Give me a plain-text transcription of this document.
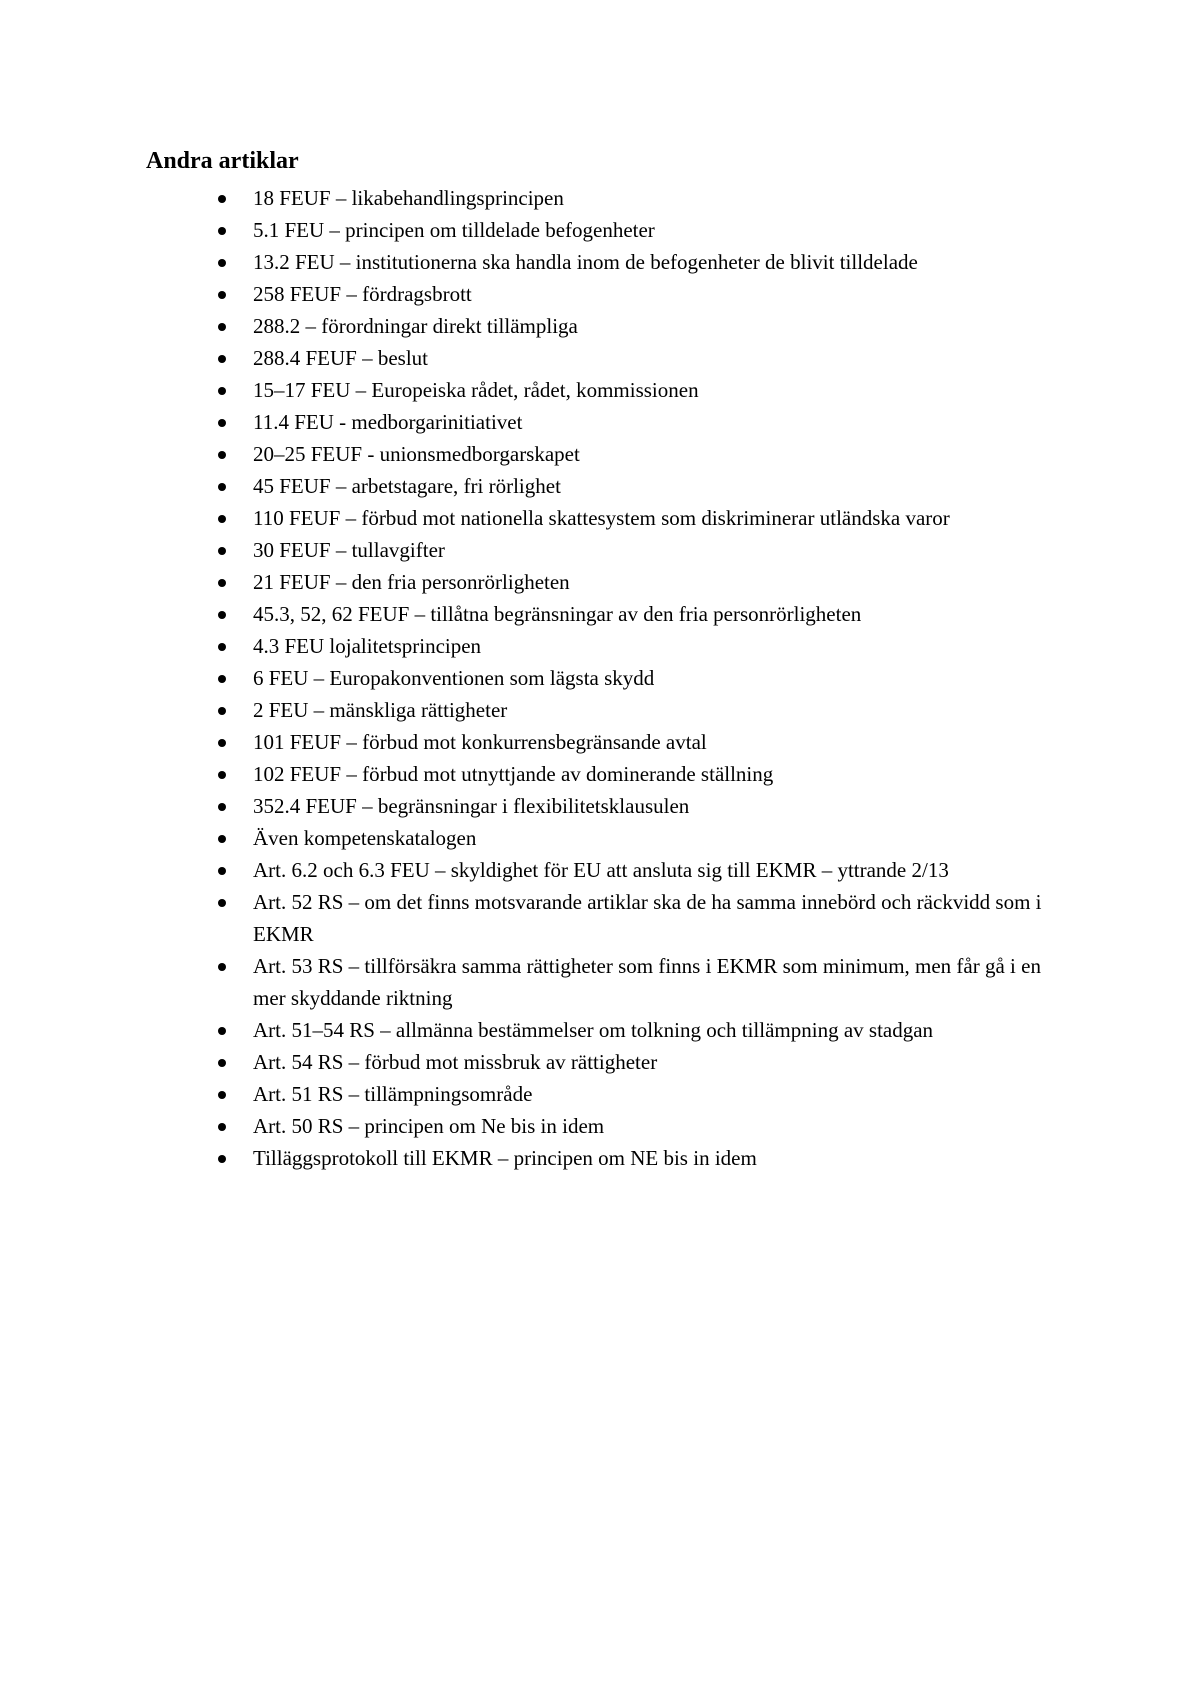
Andra artiklar
18 FEUF – likabehandlingsprincipen
5.1 FEU – principen om tilldelade befogenheter
13.2 FEU – institutionerna ska handla inom de befogenheter de blivit tilldelade
258 FEUF – fördragsbrott
288.2 – förordningar direkt tillämpliga
288.4 FEUF – beslut
15–17 FEU – Europeiska rådet, rådet, kommissionen
11.4 FEU - medborgarinitiativet
20–25 FEUF - unionsmedborgarskapet
45 FEUF – arbetstagare, fri rörlighet
110 FEUF – förbud mot nationella skattesystem som diskriminerar utländska varor
30 FEUF – tullavgifter
21 FEUF – den fria personrörligheten
45.3, 52, 62 FEUF – tillåtna begränsningar av den fria personrörligheten
4.3 FEU lojalitetsprincipen
6 FEU – Europakonventionen som lägsta skydd
2 FEU – mänskliga rättigheter
101 FEUF – förbud mot konkurrensbegränsande avtal
102 FEUF – förbud mot utnyttjande av dominerande ställning
352.4 FEUF – begränsningar i flexibilitetsklausulen
Även kompetenskatalogen
Art. 6.2 och 6.3 FEU – skyldighet för EU att ansluta sig till EKMR – yttrande 2/13
Art. 52 RS – om det finns motsvarande artiklar ska de ha samma innebörd och räckvidd som i EKMR
Art. 53 RS – tillförsäkra samma rättigheter som finns i EKMR som minimum, men får gå i en mer skyddande riktning
Art. 51–54 RS – allmänna bestämmelser om tolkning och tillämpning av stadgan
Art. 54 RS – förbud mot missbruk av rättigheter
Art. 51 RS – tillämpningsområde
Art. 50 RS – principen om Ne bis in idem
Tilläggsprotokoll till EKMR – principen om NE bis in idem
